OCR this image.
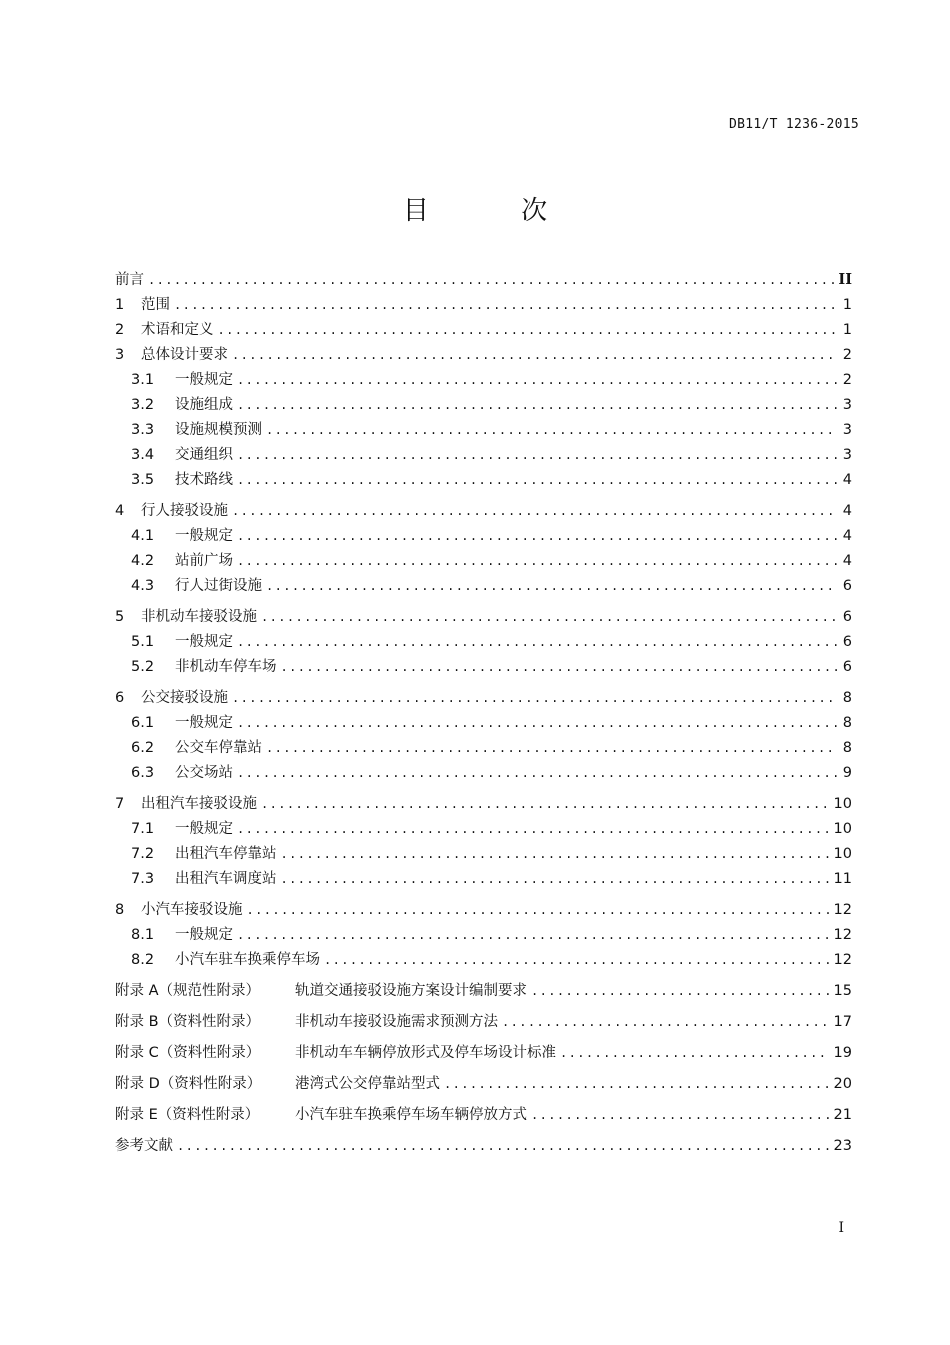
DB11/T 1236-2015
目 次
前言 .....	II
1	范围 .....	1
2	术语和定义 .....	1
3	总体设计要求 .....	2
3.1	一般规定 .....	2
3.2	设施组成 .....	3
3.3	设施规模预测 .....	3
3.4	交通组织 .....	3
3.5	技术路线 .....	4
4	行人接驳设施 .....	4
4.1	一般规定 .....	4
4.2	站前广场 .....	4
4.3	行人过街设施 .....	6
5	非机动车接驳设施 .....	6
5.1	一般规定 .....	6
5.2	非机动车停车场 .....	6
6	公交接驳设施 .....	8
6.1	一般规定 .....	8
6.2	公交车停靠站 .....	8
6.3	公交场站 .....	9
7	出租汽车接驳设施 .....	10
7.1	一般规定 .....	10
7.2	出租汽车停靠站 .....	10
7.3	出租汽车调度站 .....	11
8	小汽车接驳设施 .....	12
8.1	一般规定 .....	12
8.2	小汽车驻车换乘停车场 .....	12
附录 A（规范性附录）	轨道交通接驳设施方案设计编制要求 .....	15
附录 B（资料性附录）	非机动车接驳设施需求预测方法 .....	17
附录 C（资料性附录）	非机动车车辆停放形式及停车场设计标准 .....	19
附录 D（资料性附录）	港湾式公交停靠站型式 .....	20
附录 E（资料性附录）	小汽车驻车换乘停车场车辆停放方式 .....	21
参考文献 .....	23
I
